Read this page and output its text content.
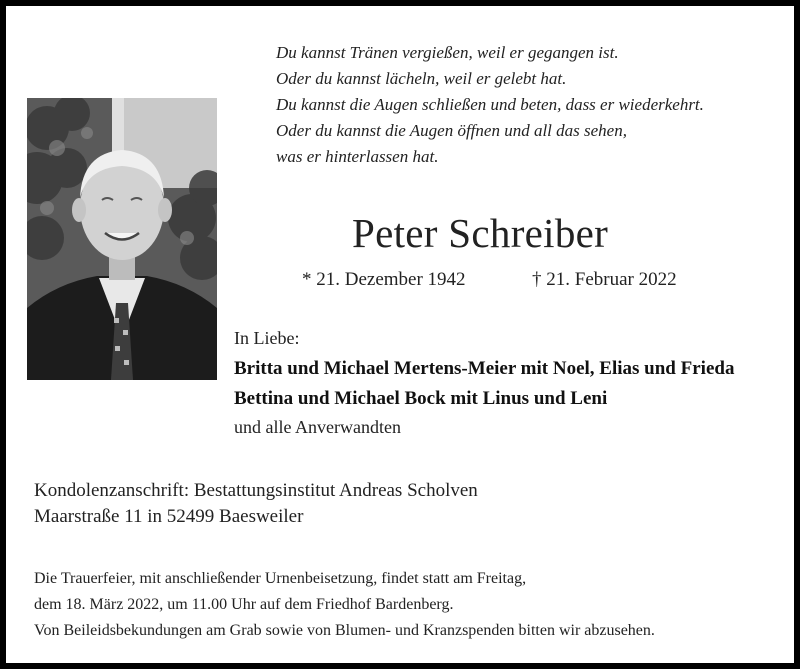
Du kannst Tränen vergießen, weil er gegangen ist.
Oder du kannst lächeln, weil er gelebt hat.
Du kannst die Augen schließen und beten, dass er wiederkehrt.
Oder du kannst die Augen öffnen und all das sehen,
was er hinterlassen hat.
Peter Schreiber
* 21. Dezember 1942	† 21. Februar 2022
In Liebe:
Britta und Michael Mertens-Meier mit Noel, Elias und Frieda
Bettina und Michael Bock mit Linus und Leni
und alle Anverwandten
Kondolenzanschrift: Bestattungsinstitut Andreas Scholven
Maarstraße 11 in 52499 Baesweiler
Die Trauerfeier, mit anschließender Urnenbeisetzung, findet statt am Freitag,
dem 18. März 2022, um 11.00 Uhr auf dem Friedhof Bardenberg.
Von Beileidsbekundungen am Grab sowie von Blumen- und Kranzspenden bitten wir abzusehen.
